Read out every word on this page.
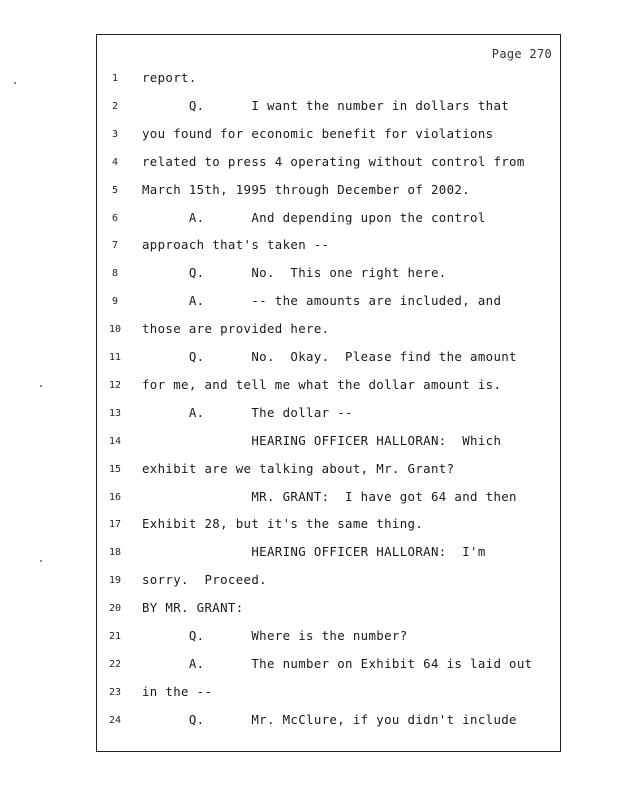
Page 270
1	report.
2	Q.      I want the number in dollars that
3	you found for economic benefit for violations
4	related to press 4 operating without control from
5	March 15th, 1995 through December of 2002.
6	A.      And depending upon the control
7	approach that's taken --
8	Q.      No.  This one right here.
9	A.      -- the amounts are included, and
10	those are provided here.
11	Q.      No.  Okay.  Please find the amount
12	for me, and tell me what the dollar amount is.
13	A.      The dollar --
14	HEARING OFFICER HALLORAN:  Which
15	exhibit are we talking about, Mr. Grant?
16	MR. GRANT:  I have got 64 and then
17	Exhibit 28, but it's the same thing.
18	HEARING OFFICER HALLORAN:  I'm
19	sorry.  Proceed.
20	BY MR. GRANT:
21	Q.      Where is the number?
22	A.      The number on Exhibit 64 is laid out
23	in the --
24	Q.      Mr. McClure, if you didn't include
